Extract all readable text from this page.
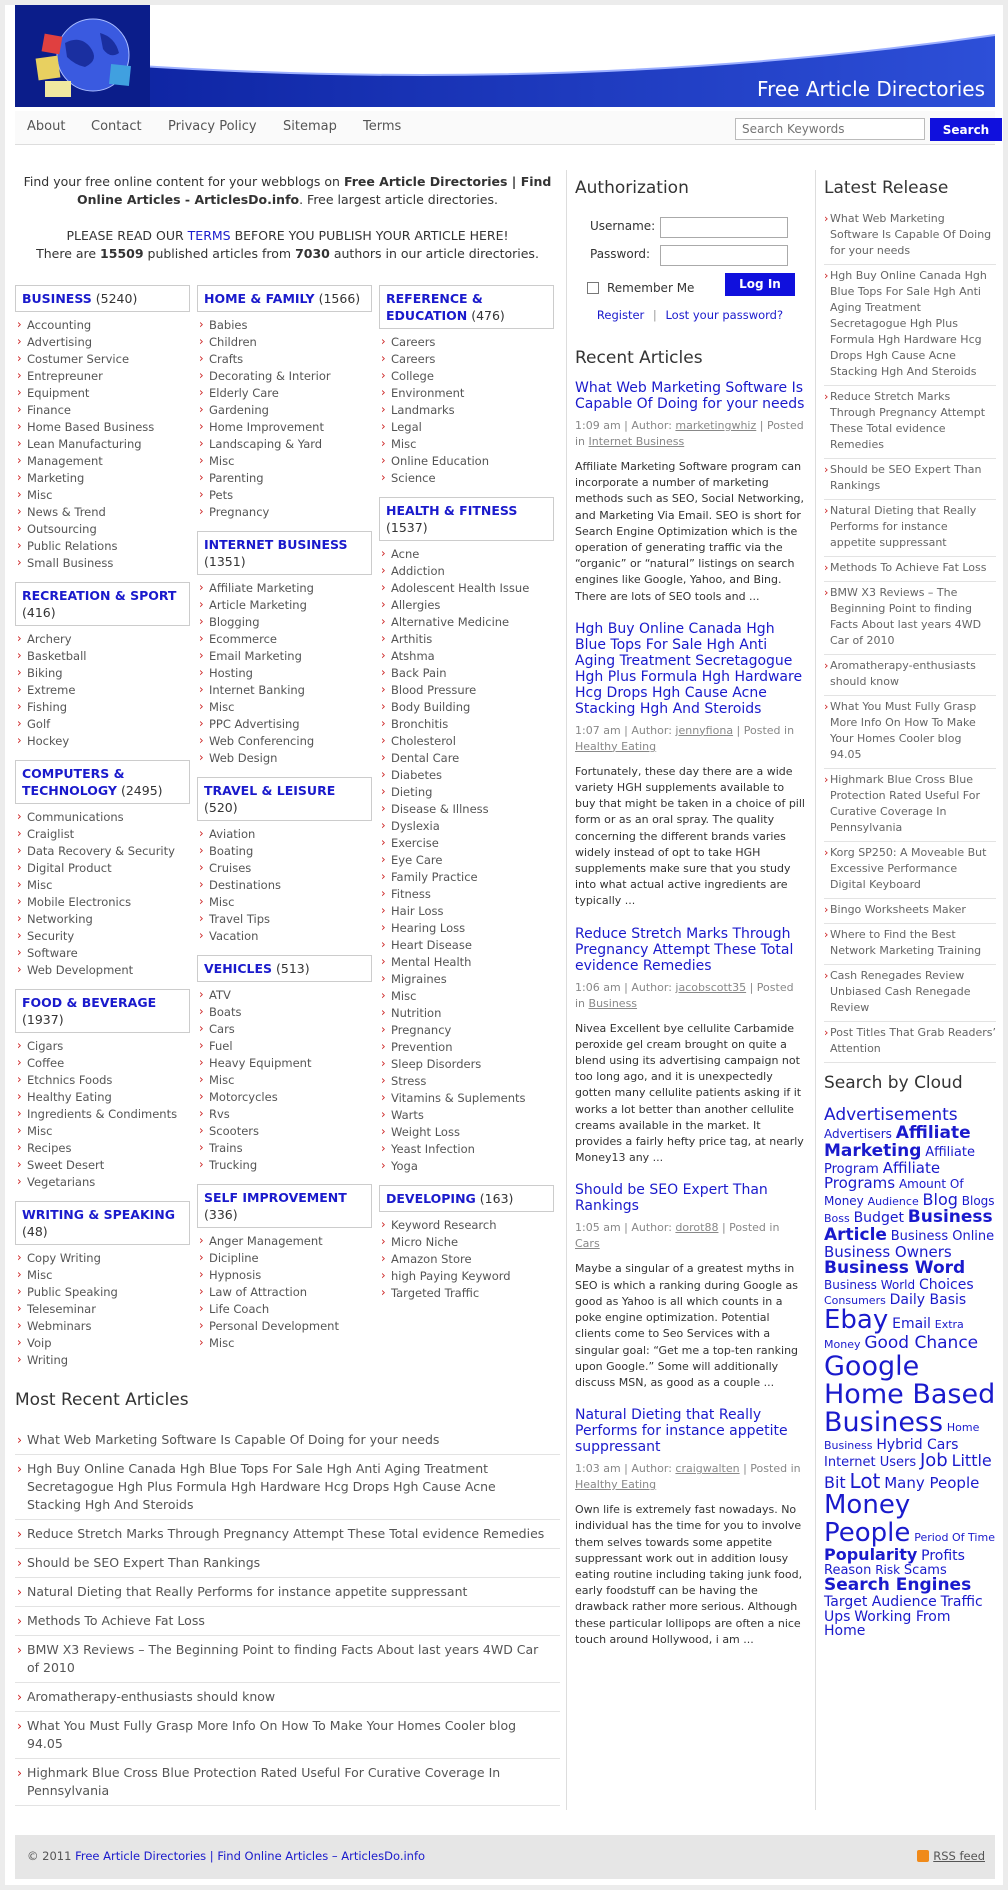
Free Article Directories
About Contact Privacy Policy Sitemap Terms
Search Keywords	Search
Find your free online content for your webblogs on Free Article Directories | Find Online Articles - ArticlesDo.info. Free largest article directories.
PLEASE READ OUR TERMS BEFORE YOU PUBLISH YOUR ARTICLE HERE!
There are 15509 published articles from 7030 authors in our article directories.
BUSINESS (5240)
› Accounting
› Advertising
› Costumer Service
› Entrepreuner
› Equipment
› Finance
› Home Based Business
› Lean Manufacturing
› Management
› Marketing
› Misc
› News & Trend
› Outsourcing
› Public Relations
› Small Business
RECREATION & SPORT (416)
› Archery
› Basketball
› Biking
› Extreme
› Fishing
› Golf
› Hockey
COMPUTERS & TECHNOLOGY (2495)
› Communications
› Craiglist
› Data Recovery & Security
› Digital Product
› Misc
› Mobile Electronics
› Networking
› Security
› Software
› Web Development
FOOD & BEVERAGE (1937)
› Cigars
› Coffee
› Etchnics Foods
› Healthy Eating
› Ingredients & Condiments
› Misc
› Recipes
› Sweet Desert
› Vegetarians
WRITING & SPEAKING (48)
› Copy Writing
› Misc
› Public Speaking
› Teleseminar
› Webminars
› Voip
› Writing
HOME & FAMILY (1566)
› Babies
› Children
› Crafts
› Decorating & Interior
› Elderly Care
› Gardening
› Home Improvement
› Landscaping & Yard
› Misc
› Parenting
› Pets
› Pregnancy
INTERNET BUSINESS (1351)
› Affiliate Marketing
› Article Marketing
› Blogging
› Ecommerce
› Email Marketing
› Hosting
› Internet Banking
› Misc
› PPC Advertising
› Web Conferencing
› Web Design
TRAVEL & LEISURE (520)
› Aviation
› Boating
› Cruises
› Destinations
› Misc
› Travel Tips
› Vacation
VEHICLES (513)
› ATV
› Boats
› Cars
› Fuel
› Heavy Equipment
› Misc
› Motorcycles
› Rvs
› Scooters
› Trains
› Trucking
SELF IMPROVEMENT (336)
› Anger Management
› Dicipline
› Hypnosis
› Law of Attraction
› Life Coach
› Personal Development
› Misc
REFERENCE & EDUCATION (476)
› Careers
› Careers
› College
› Environment
› Landmarks
› Legal
› Misc
› Online Education
› Science
HEALTH & FITNESS (1537)
› Acne
› Addiction
› Adolescent Health Issue
› Allergies
› Alternative Medicine
› Arthitis
› Atshma
› Back Pain
› Blood Pressure
› Body Building
› Bronchitis
› Cholesterol
› Dental Care
› Diabetes
› Dieting
› Disease & Illness
› Dyslexia
› Exercise
› Eye Care
› Family Practice
› Fitness
› Hair Loss
› Hearing Loss
› Heart Disease
› Mental Health
› Migraines
› Misc
› Nutrition
› Pregnancy
› Prevention
› Sleep Disorders
› Stress
› Vitamins & Suplements
› Warts
› Weight Loss
› Yeast Infection
› Yoga
DEVELOPING (163)
› Keyword Research
› Micro Niche
› Amazon Store
› high Paying Keyword
› Targeted Traffic
Most Recent Articles
› What Web Marketing Software Is Capable Of Doing for your needs
› Hgh Buy Online Canada Hgh Blue Tops For Sale Hgh Anti Aging Treatment Secretagogue Hgh Plus Formula Hgh Hardware Hcg Drops Hgh Cause Acne Stacking Hgh And Steroids
› Reduce Stretch Marks Through Pregnancy Attempt These Total evidence Remedies
› Should be SEO Expert Than Rankings
› Natural Dieting that Really Performs for instance appetite suppressant
› Methods To Achieve Fat Loss
› BMW X3 Reviews – The Beginning Point to finding Facts About last years 4WD Car of 2010
› Aromatherapy-enthusiasts should know
› What You Must Fully Grasp More Info On How To Make Your Homes Cooler blog 94.05
› Highmark Blue Cross Blue Protection Rated Useful For Curative Coverage In Pennsylvania
Authorization
Username:
Password:
Remember Me	Log In
Register | Lost your password?
Recent Articles
What Web Marketing Software Is Capable Of Doing for your needs
1:09 am | Author: marketingwhiz | Posted in Internet Business
Affiliate Marketing Software program can incorporate a number of marketing methods such as SEO, Social Networking, and Marketing Via Email. SEO is short for Search Engine Optimization which is the operation of generating traffic via the “organic” or “natural” listings on search engines like Google, Yahoo, and Bing. There are lots of SEO tools and ...
Hgh Buy Online Canada Hgh Blue Tops For Sale Hgh Anti Aging Treatment Secretagogue Hgh Plus Formula Hgh Hardware Hcg Drops Hgh Cause Acne Stacking Hgh And Steroids
1:07 am | Author: jennyfiona | Posted in Healthy Eating
Fortunately, these day there are a wide variety HGH supplements available to buy that might be taken in a choice of pill form or as an oral spray. The quality concerning the different brands varies widely instead of opt to take HGH supplements make sure that you study into what actual active ingredients are typically ...
Reduce Stretch Marks Through Pregnancy Attempt These Total evidence Remedies
1:06 am | Author: jacobscott35 | Posted in Business
Nivea Excellent bye cellulite Carbamide peroxide gel cream brought on quite a blend using its advertising campaign not too long ago, and it is unexpectedly gotten many cellulite patients asking if it works a lot better than another cellulite creams available in the market. It provides a fairly hefty price tag, at nearly Money13 any ...
Should be SEO Expert Than Rankings
1:05 am | Author: dorot88 | Posted in Cars
Maybe a singular of a greatest myths in SEO is which a ranking during Google as good as Yahoo is all which counts in a poke engine optimization. Potential clients come to Seo Services with a singular goal: “Get me a top-ten ranking upon Google.” Some will additionally discuss MSN, as good as a couple ...
Natural Dieting that Really Performs for instance appetite suppressant
1:03 am | Author: craigwalten | Posted in Healthy Eating
Own life is extremely fast nowadays. No individual has the time for you to involve them selves towards some appetite suppressant work out in addition lousy eating routine including taking junk food, early foodstuff can be having the drawback rather more serious. Although these particular lollipops are often a nice touch around Hollywood, i am ...
Latest Release
› What Web Marketing Software Is Capable Of Doing for your needs
› Hgh Buy Online Canada Hgh Blue Tops For Sale Hgh Anti Aging Treatment Secretagogue Hgh Plus Formula Hgh Hardware Hcg Drops Hgh Cause Acne Stacking Hgh And Steroids
› Reduce Stretch Marks Through Pregnancy Attempt These Total evidence Remedies
› Should be SEO Expert Than Rankings
› Natural Dieting that Really Performs for instance appetite suppressant
› Methods To Achieve Fat Loss
› BMW X3 Reviews – The Beginning Point to finding Facts About last years 4WD Car of 2010
› Aromatherapy-enthusiasts should know
› What You Must Fully Grasp More Info On How To Make Your Homes Cooler blog 94.05
› Highmark Blue Cross Blue Protection Rated Useful For Curative Coverage In Pennsylvania
› Korg SP250: A Moveable But Excessive Performance Digital Keyboard
› Bingo Worksheets Maker
› Where to Find the Best Network Marketing Training
› Cash Renegades Review Unbiased Cash Renegade Review
› Post Titles That Grab Readers’ Attention
Search by Cloud
Advertisements Advertisers Affiliate Marketing Affiliate Program Affiliate Programs Amount Of Money Audience Blog Blogs Boss Budget Business Article Business Online Business Owners Business Word Business World Choices Consumers Daily Basis Ebay Email Extra Money Good Chance Google Home Based Business Home Business Hybrid Cars Internet Users Job Little Bit Lot Many People Money People Period Of Time Popularity Profits Reason Risk Scams Search Engines Target Audience Traffic Ups Working From Home
© 2011 Free Article Directories | Find Online Articles – ArticlesDo.info	RSS feed
